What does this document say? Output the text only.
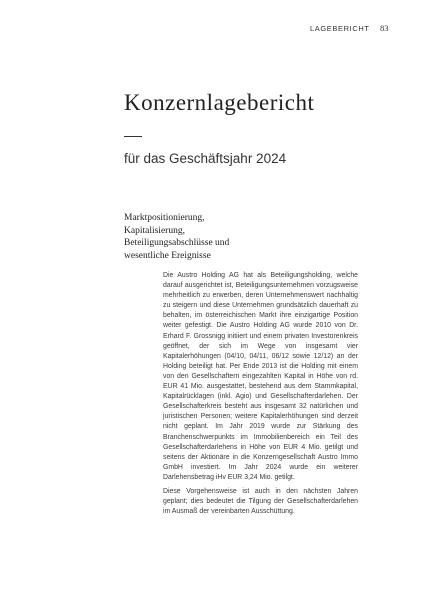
LAGEBERICHT 83
Konzernlagebericht
für das Geschäftsjahr 2024
Marktpositionierung,
Kapitalisierung,
Beteiligungsabschlüsse und
wesentliche Ereignisse

Die Austro Holding AG hat als Beteiligungsholding, welche darauf ausgerichtet ist, Beteiligungsunternehmen vorzugsweise mehrheitlich zu erwerben, deren Unternehmenswert nachhaltig zu steigern und diese Unternehmen grundsätzlich dauerhaft zu behalten, im österreichischen Markt ihre einzigartige Position weiter gefestigt. Die Austro Holding AG wurde 2010 von Dr. Erhard F. Grossnigg initiiert und einem privaten Investorenkreis geöffnet, der sich im Wege von insgesamt vier Kapitalerhöhungen (04/10, 04/11, 06/12 sowie 12/12) an der Holding beteiligt hat. Per Ende 2013 ist die Holding mit einem von den Gesellschaftern eingezahlten Kapital in Höhe von rd. EUR 41 Mio. ausgestattet, bestehend aus dem Stammkapital, Kapitalrücklagen (inkl. Agio) und Gesellschafterdarlehen. Der Gesellschafterkreis besteht aus insgesamt 32 natürlichen und juristischen Personen; weitere Kapitalerhöhungen sind derzeit nicht geplant. Im Jahr 2019 wurde zur Stärkung des Branchenschwerpunkts im Immobilienbereich ein Teil des Gesellschafterdarlehens in Höhe von EUR 4 Mio. getilgt und seitens der Aktionäre in die Konzerngesellschaft Austro Immo GmbH investiert. Im Jahr 2024 wurde ein weiterer Darlehensbetrag iHv EUR 3,24 Mio. getilgt.

Diese Vorgehensweise ist auch in den nächsten Jahren geplant; dies bedeutet die Tilgung der Gesellschafterdarlehen im Ausmaß der vereinbarten Ausschüttung.
